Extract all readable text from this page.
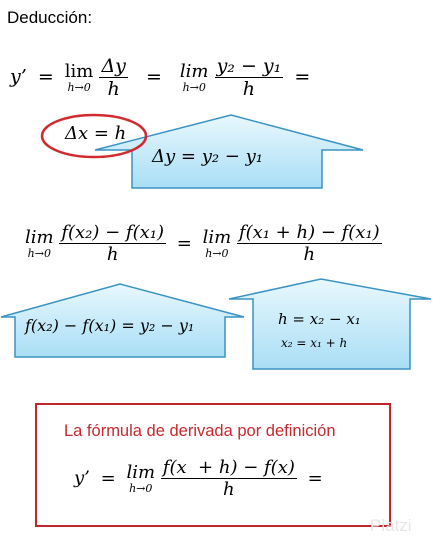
Deducción:
y’ = lim
h→0
$\frac{\Delta y}{h} = \lim$
h→0
$\frac{\text{y₂ − y₁}}{h}$ =
Δy = y₂ − y₁
Δx = h
lim
h→0
$\frac{\text{f(x₂) − f(x₁)}}{h} = \lim$
h→0
$\frac{\text{f(x₁ + h) − f(x₁)}}{h}$
f(x₂) − f(x₁) = y₂ − y₁	h = x₂ − x₁
x₂ = x₁ + h
La fórmula de derivada por definición
y’ = lim
h→0
$\frac{f(x + h) - f(x)}{h}$ =
Platzi
